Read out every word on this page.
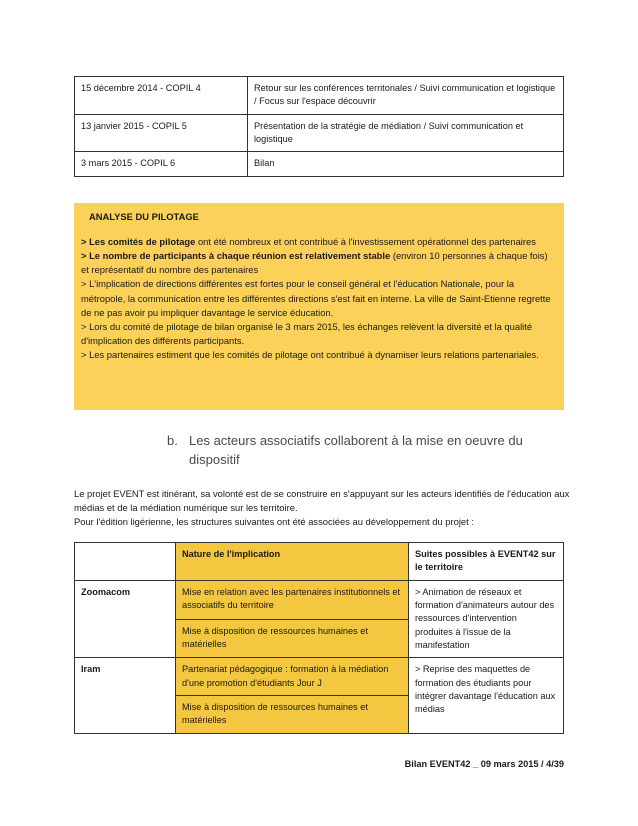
15 décembre 2014 - COPIL 4	Retour sur les conférences territoriales / Suivi communication et logistique / Focus sur l'espace découvrir
13 janvier 2015 - COPIL 5	Présentation de la stratégie de médiation / Suivi communication et logistique
3 mars 2015 - COPIL 6	Bilan
ANALYSE DU PILOTAGE

> Les comités de pilotage ont été nombreux et ont contribué à l'investissement opérationnel des partenaires

> Le nombre de participants à chaque réunion est relativement stable (environ 10 personnes à chaque fois) et représentatif du nombre des partenaires

> L'implication de directions différentes est fortes pour le conseil général et l'éducation Nationale, pour la métropole, la communication entre les différentes directions s'est fait en interne. La ville de Saint-Etienne regrette de ne pas avoir pu impliquer davantage le service éducation.

> Lors du comité de pilotage de bilan organisé le 3 mars 2015, les échanges relèvent la diversité et la qualité d'implication des différents participants.

> Les partenaires estiment que les comités de pilotage ont contribué à dynamiser leurs relations partenariales.

b. Les acteurs associatifs collaborent à la mise en oeuvre du dispositif

Le projet EVENT est itinérant, sa volonté est de se construire en s'appuyant sur les acteurs identifiés de l'éducation aux médias et de la médiation numérique sur les territoire.

Pour l'édition ligérienne, les structures suivantes ont été associées au développement du projet :

	Nature de l'implication	Suites possibles à EVENT42 sur le territoire
Zoomacom	Mise en relation avec les partenaires institutionnels et associatifs du territoire	> Animation de réseaux et formation d'animateurs autour des ressources d'intervention produites à l'issue de la manifestation
	Mise à disposition de ressources humaines et matérielles	
Iram	Partenariat pédagogique : formation à la médiation d'une promotion d'étudiants Jour J	> Reprise des maquettes de formation des étudiants pour intégrer davantage l'éducation aux médias
	Mise à disposition de ressources humaines et matérielles	
Bilan EVENT42 _ 09 mars 2015 / 4/39
